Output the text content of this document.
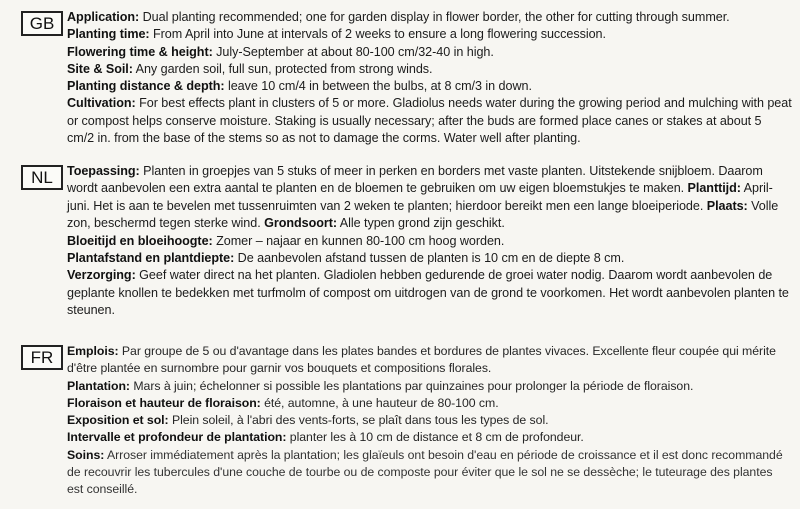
GB	Application: Dual planting recommended; one for garden display in flower border, the other for cutting through summer.

Planting time: From April into June at intervals of 2 weeks to ensure a long flowering succession.

Flowering time & height: July-September at about 80-100 cm/32-40 in high.

Site & Soil: Any garden soil, full sun, protected from strong winds.

Planting distance & depth: leave 10 cm/4 in between the bulbs, at 8 cm/3 in down.

Cultivation: For best effects plant in clusters of 5 or more. Gladiolus needs water during the growing period and mulching with peat or compost helps conserve moisture. Staking is usually necessary; after the buds are formed place canes or stakes at about 5 cm/2 in. from the base of the stems so as not to damage the corms. Water well after planting.

NL	Toepassing: Planten in groepjes van 5 stuks of meer in perken en borders met vaste planten. Uitstekende snijbloem. Daarom wordt aanbevolen een extra aantal te planten en de bloemen te gebruiken om uw eigen bloemstukjes te maken. Planttijd: April-juni. Het is aan te bevelen met tussenruimten van 2 weken te planten; hierdoor bereikt men een lange bloeiperiode. Plaats: Volle zon, beschermd tegen sterke wind. Grondsoort: Alle typen grond zijn geschikt.

Bloeitijd en bloeihoogte: Zomer – najaar en kunnen 80-100 cm hoog worden.

Plantafstand en plantdiepte: De aanbevolen afstand tussen de planten is 10 cm en de diepte 8 cm.

Verzorging: Geef water direct na het planten. Gladiolen hebben gedurende de groei water nodig. Daarom wordt aanbevolen de geplante knollen te bedekken met turfmolm of compost om uitdrogen van de grond te voorkomen. Het wordt aanbevolen planten te steunen.

FR	Emplois: Par groupe de 5 ou d'avantage dans les plates bandes et bordures de plantes vivaces. Excellente fleur coupée qui mérite d'être plantée en surnombre pour garnir vos bouquets et compositions florales.

Plantation: Mars à juin; échelonner si possible les plantations par quinzaines pour prolonger la période de floraison.

Floraison et hauteur de floraison: été, automne, à une hauteur de 80-100 cm.

Exposition et sol: Plein soleil, à l'abri des vents-forts, se plaît dans tous les types de sol.

Intervalle et profondeur de plantation: planter les à 10 cm de distance et 8 cm de profondeur.

Soins: Arroser immédiatement après la plantation; les glaïeuls ont besoin d'eau en période de croissance et il est donc recommandé de recouvrir les tubercules d'une couche de tourbe ou de composte pour éviter que le sol ne se dessèche; le tuteurage des plantes est conseillé.
